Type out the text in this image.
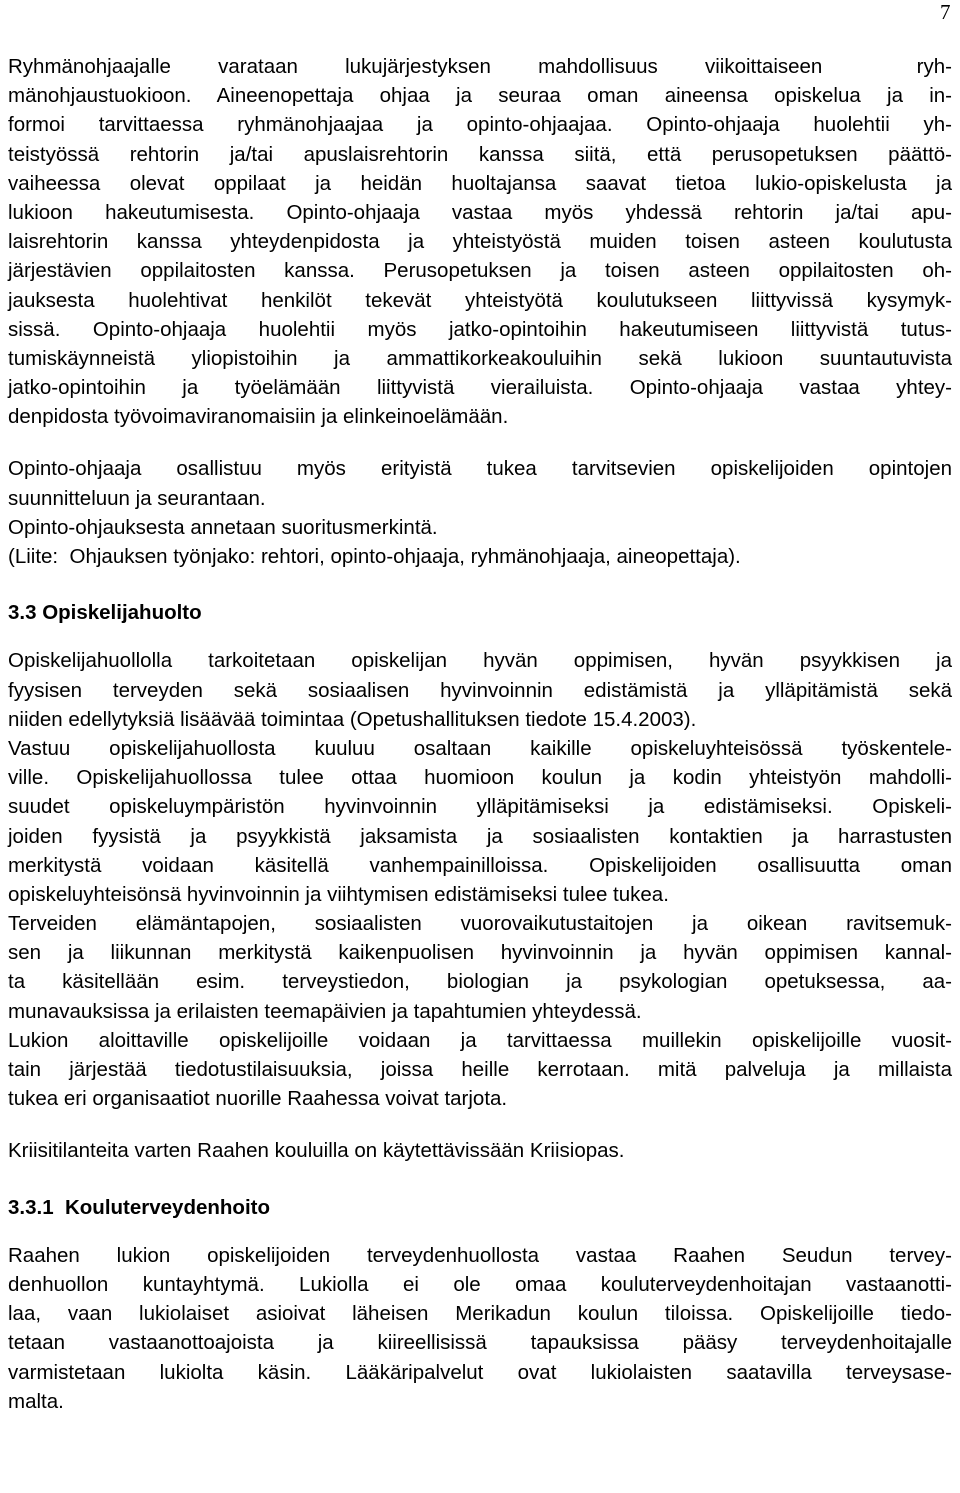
7
Ryhmänohjaajalle varataan lukujärjestyksen mahdollisuus viikoittaiseen  ryh-
mänohjaustuokioon. Aineenopettaja ohjaa ja seuraa oman aineensa opiskelua ja in-
formoi tarvittaessa ryhmänohjaajaa ja opinto-ohjaajaa. Opinto-ohjaaja huolehtii yh-
teistyössä rehtorin ja/tai apuslaisrehtorin kanssa siitä, että perusopetuksen päättö-
vaiheessa olevat oppilaat ja heidän huoltajansa saavat tietoa lukio-opiskelusta ja
lukioon hakeutumisesta. Opinto-ohjaaja vastaa myös yhdessä rehtorin ja/tai apu-
laisrehtorin kanssa yhteydenpidosta ja yhteistyöstä muiden toisen asteen koulutusta
järjestävien oppilaitosten kanssa. Perusopetuksen ja toisen asteen oppilaitosten oh-
jauksesta huolehtivat henkilöt tekevät yhteistyötä koulutukseen liittyvissä kysymyk-
sissä. Opinto-ohjaaja huolehtii myös jatko-opintoihin hakeutumiseen liittyvistä tutus-
tumiskäynneistä yliopistoihin ja ammattikorkeakouluihin sekä lukioon suuntautuvista
jatko-opintoihin ja työelämään liittyvistä vierailuista. Opinto-ohjaaja vastaa yhtey-
denpidosta työvoimaviranomaisiin ja elinkeinoelämään.
Opinto-ohjaaja osallistuu myös erityistä tukea tarvitsevien opiskelijoiden opintojen
suunnitteluun ja seurantaan.
Opinto-ohjauksesta annetaan suoritusmerkintä.
(Liite:  Ohjauksen työnjako: rehtori, opinto-ohjaaja, ryhmänohjaaja, aineopettaja).
3.3 Opiskelijahuolto
Opiskelijahuollolla tarkoitetaan opiskelijan hyvän oppimisen, hyvän psyykkisen ja
fyysisen terveyden sekä sosiaalisen hyvinvoinnin edistämistä ja ylläpitämistä sekä
niiden edellytyksiä lisäävää toimintaa (Opetushallituksen tiedote 15.4.2003).
Vastuu opiskelijahuollosta kuuluu osaltaan kaikille opiskeluyhteisössä työskentele-
ville. Opiskelijahuollossa tulee ottaa huomioon koulun ja kodin yhteistyön mahdolli-
suudet opiskeluympäristön hyvinvoinnin ylläpitämiseksi ja edistämiseksi. Opiskeli-
joiden fyysistä ja psyykkistä jaksamista ja sosiaalisten kontaktien ja harrastusten
merkitystä voidaan käsitellä vanhempainilloissa. Opiskelijoiden osallisuutta oman
opiskeluyhteisönsä hyvinvoinnin ja viihtymisen edistämiseksi tulee tukea.
Terveiden elämäntapojen, sosiaalisten vuorovaikutustaitojen ja oikean ravitsemuk-
sen ja liikunnan merkitystä kaikenpuolisen hyvinvoinnin ja hyvän oppimisen kannal-
ta käsitellään esim. terveystiedon, biologian ja psykologian opetuksessa, aa-
munavauksissa ja erilaisten teemapäivien ja tapahtumien yhteydessä.
Lukion aloittaville opiskelijoille voidaan ja tarvittaessa muillekin opiskelijoille vuosit-
tain järjestää tiedotustilaisuuksia, joissa heille kerrotaan. mitä palveluja ja millaista
tukea eri organisaatiot nuorille Raahessa voivat tarjota.
Kriisitilanteita varten Raahen kouluilla on käytettävissään Kriisiopas.
3.3.1  Kouluterveydenhoito
Raahen lukion opiskelijoiden terveydenhuollosta vastaa Raahen Seudun tervey-
denhuollon kuntayhtymä. Lukiolla ei ole omaa kouluterveydenhoitajan vastaanotti-
laa, vaan lukiolaiset asioivat läheisen Merikadun koulun tiloissa. Opiskelijoille tiedo-
tetaan vastaanottoajoista ja kiireellisissä tapauksissa pääsy terveydenhoitajalle
varmistetaan lukiolta käsin. Lääkäripalvelut ovat lukiolaisten saatavilla terveysase-
malta.
